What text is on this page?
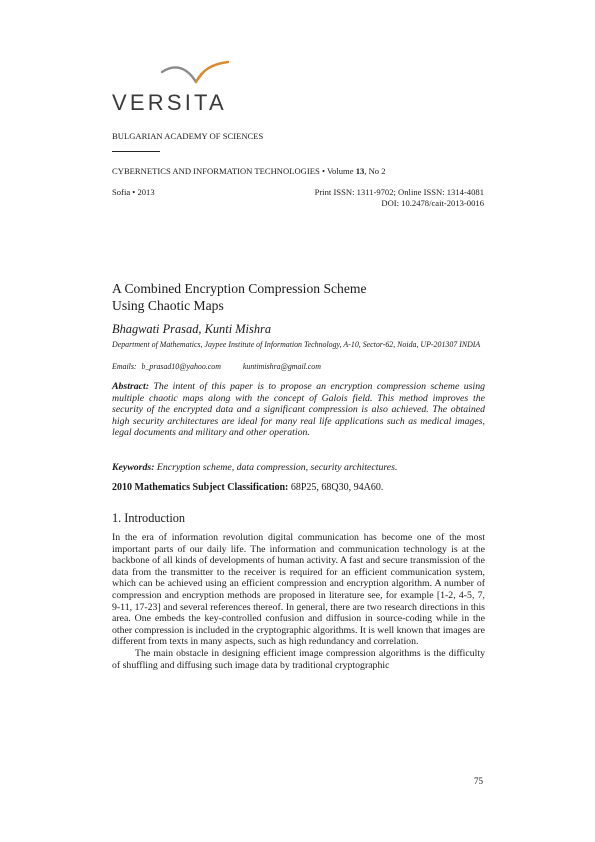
VERSITA
BULGARIAN ACADEMY OF SCIENCES
CYBERNETICS AND INFORMATION TECHNOLOGIES • Volume 13, No 2
Sofia • 2013	Print ISSN: 1311-9702; Online ISSN: 1314-4081
DOI: 10.2478/cait-2013-0016
A Combined Encryption Compression Scheme
Using Chaotic Maps
Bhagwati Prasad, Kunti Mishra
Department of Mathematics, Jaypee Institute of Information Technology, A-10, Sector-62, Noida, UP-201307 INDIA
Emails: b_prasad10@yahoo.com	kuntimishra@gmail.com
Abstract: The intent of this paper is to propose an encryption compression scheme using multiple chaotic maps along with the concept of Galois field. This method improves the security of the encrypted data and a significant compression is also achieved. The obtained high security architectures are ideal for many real life applications such as medical images, legal documents and military and other operation.
Keywords: Encryption scheme, data compression, security architectures.
2010 Mathematics Subject Classification: 68P25, 68Q30, 94A60.
1. Introduction

In the era of information revolution digital communication has become one of the most important parts of our daily life. The information and communication technology is at the backbone of all kinds of developments of human activity. A fast and secure transmission of the data from the transmitter to the receiver is required for an efficient communication system, which can be achieved using an efficient compression and encryption algorithm. A number of compression and encryption methods are proposed in literature see, for example [1-2, 4-5, 7, 9-11, 17-23] and several references thereof. In general, there are two research directions in this area. One embeds the key-controlled confusion and diffusion in source-coding while in the other compression is included in the cryptographic algorithms. It is well known that images are different from texts in many aspects, such as high redundancy and correlation.

The main obstacle in designing efficient image compression algorithms is the difficulty of shuffling and diffusing such image data by traditional cryptographic

75
